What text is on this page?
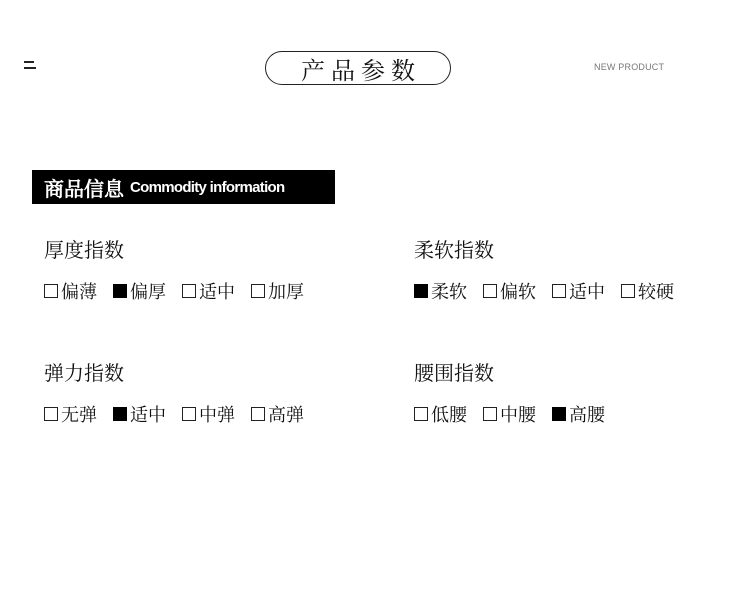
产品参数	NEW PRODUCT
商品信息 Commodity information
厚度指数
偏薄 偏厚 适中 加厚
柔软指数
柔软 偏软 适中 较硬
弹力指数
无弹 适中 中弹 高弹
腰围指数
低腰 中腰 高腰
